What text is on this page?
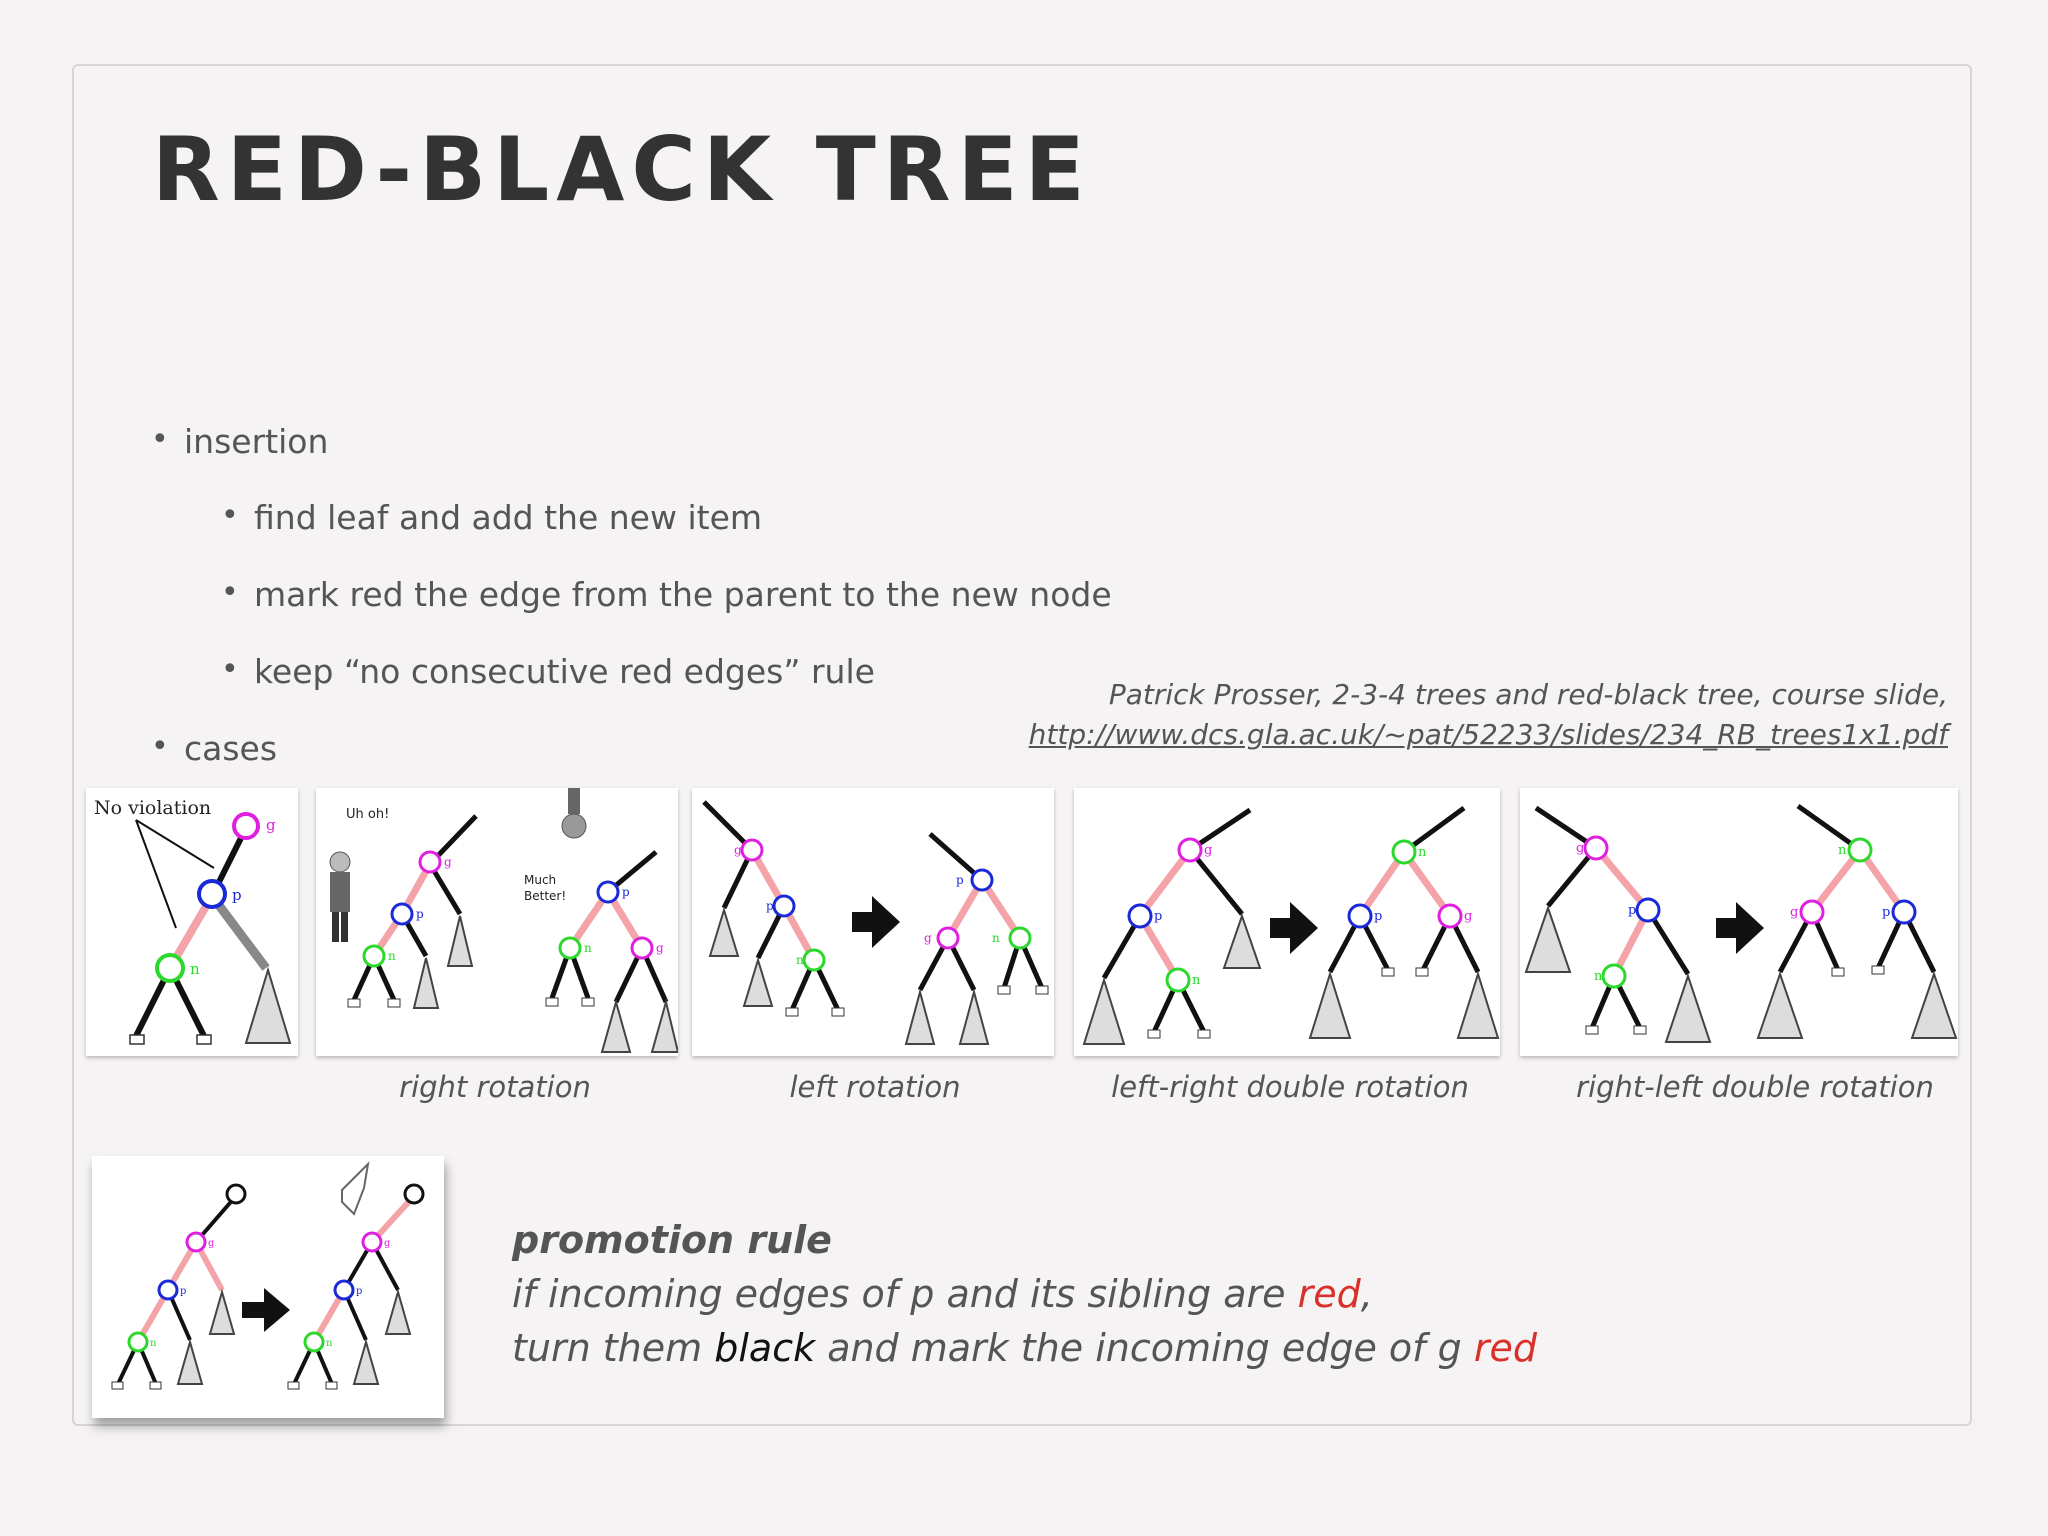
RED-BLACK TREE
• insertion
• find leaf and add the new item
• mark red the edge from the parent to the new node
• keep “no consecutive red edges” rule
• cases
Patrick Prosser, 2-3-4 trees and red-black tree, course slide,
http://www.dcs.gla.ac.uk/~pat/52233/slides/234_RB_trees1x1.pdf
No violation
g
p
n
Uh oh!
g
p
n
Much
Better!	p
n	g
g
p
n
p
g	n
g
p
n
n
p	g
g
p
n
n
g	p
right rotation	left rotation	left-right double rotation	right-left double rotation
g
p
n
g
p
n
promotion rule
if incoming edges of p and its sibling are red,
turn them black and mark the incoming edge of g red
